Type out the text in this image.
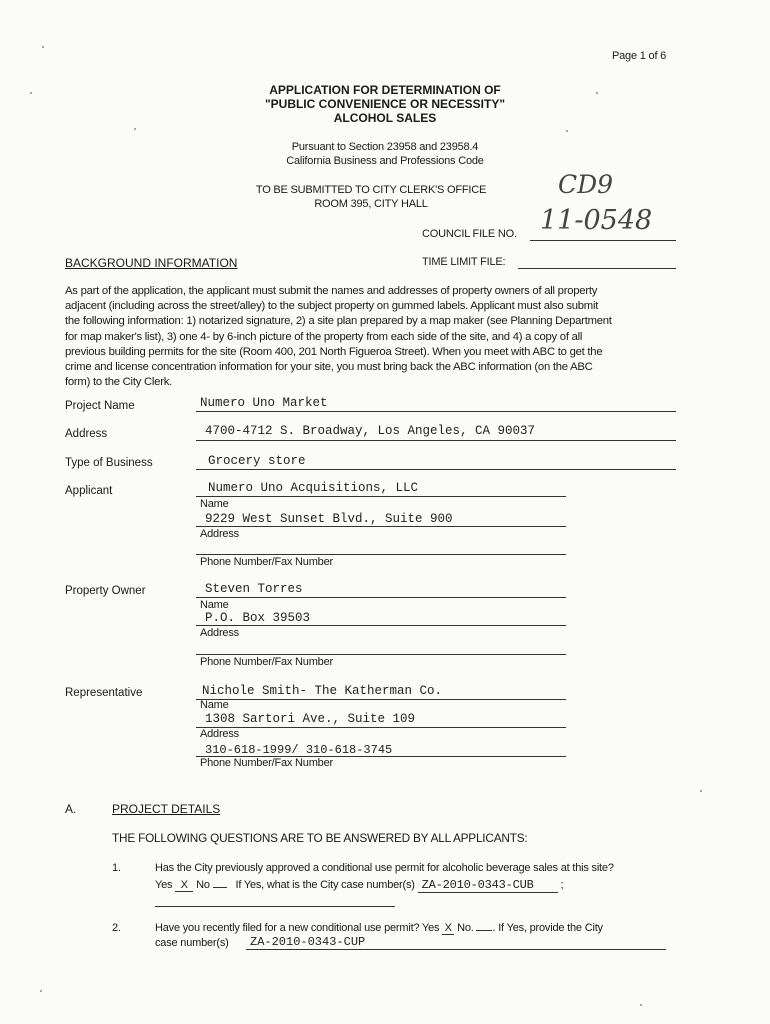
Page 1 of 6
APPLICATION FOR DETERMINATION OF
"PUBLIC CONVENIENCE OR NECESSITY"
ALCOHOL SALES
Pursuant to Section 23958 and 23958.4
California Business and Professions Code
TO BE SUBMITTED TO CITY CLERK'S OFFICE
ROOM 395, CITY HALL
CD9
11-0548
COUNCIL FILE NO.
BACKGROUND INFORMATION	TIME LIMIT FILE:
As part of the application, the applicant must submit the names and addresses of property owners of all property
adjacent (including across the street/alley) to the subject property on gummed labels. Applicant must also submit
the following information: 1) notarized signature, 2) a site plan prepared by a map maker (see Planning Department
for map maker's list), 3) one 4- by 6-inch picture of the property from each side of the site, and 4) a copy of all
previous building permits for the site (Room 400, 201 North Figueroa Street). When you meet with ABC to get the
crime and license concentration information for your site, you must bring back the ABC information (on the ABC
form) to the City Clerk.
Project Name	Numero Uno Market
Address	4700-4712 S. Broadway, Los Angeles, CA 90037
Type of Business	Grocery store
Applicant	Numero Uno Acquisitions, LLC
Name
9229 West Sunset Blvd., Suite 900
Address
Phone Number/Fax Number
Property Owner	Steven Torres
Name
P.O. Box 39503
Address
Phone Number/Fax Number
Representative	Nichole Smith- The Katherman Co.
Name
1308 Sartori Ave., Suite 109
Address
310-618-1999/ 310-618-3745
Phone Number/Fax Number
A.	PROJECT DETAILS
THE FOLLOWING QUESTIONS ARE TO BE ANSWERED BY ALL APPLICANTS:
1.	Has the City previously approved a conditional use permit for alcoholic beverage sales at this site?
Yes X No If Yes, what is the City case number(s) ZA-2010-0343-CUB ;
2.	Have you recently filed for a new conditional use permit? Yes X No. . If Yes, provide the City
case number(s) ZA-2010-0343-CUP
